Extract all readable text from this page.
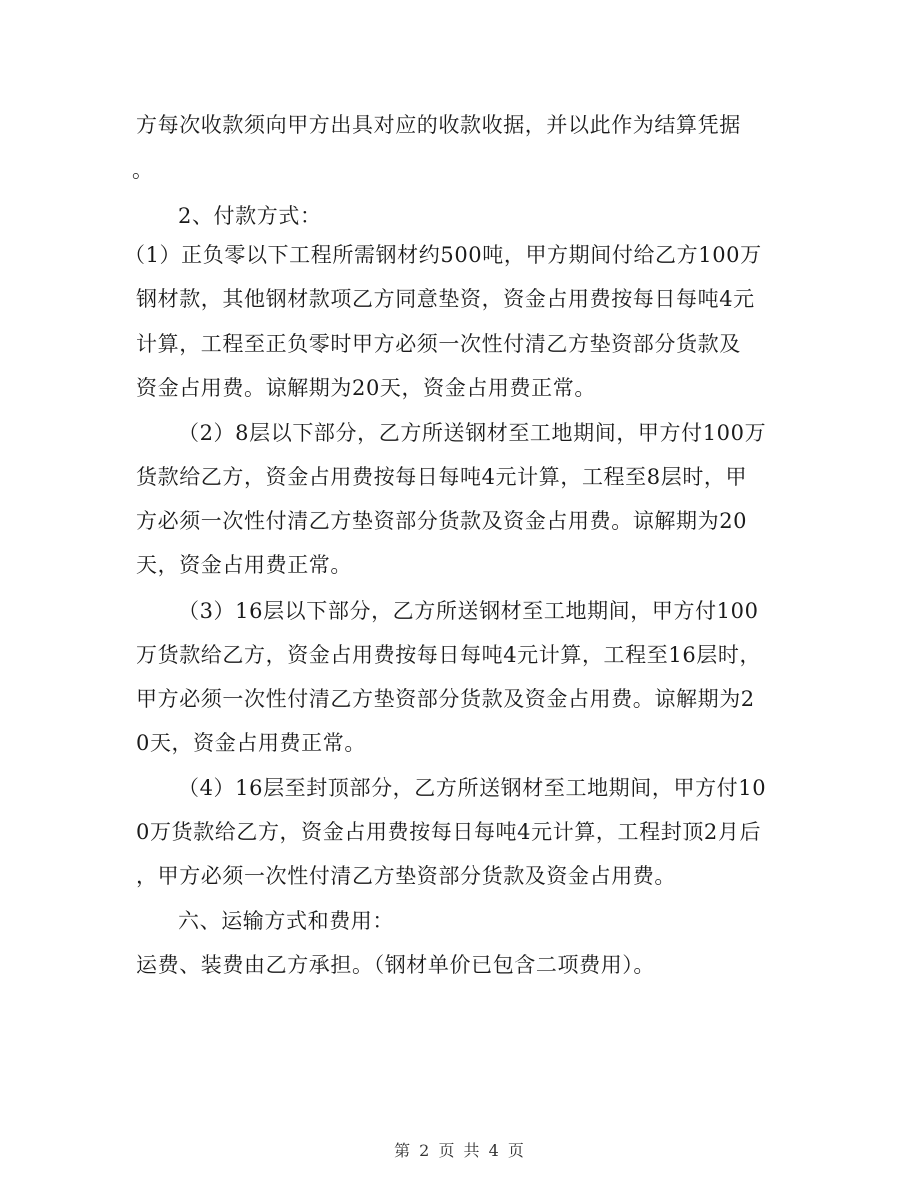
方每次收款须向甲方出具对应的收款收据，并以此作为结算凭据
。
2、付款方式：
（1）正负零以下工程所需钢材约500吨，甲方期间付给乙方100万
钢材款，其他钢材款项乙方同意垫资，资金占用费按每日每吨4元
计算，工程至正负零时甲方必须一次性付清乙方垫资部分货款及
资金占用费。谅解期为20天，资金占用费正常。
（2）8层以下部分，乙方所送钢材至工地期间，甲方付100万
货款给乙方，资金占用费按每日每吨4元计算，工程至8层时，甲
方必须一次性付清乙方垫资部分货款及资金占用费。谅解期为20
天，资金占用费正常。
（3）16层以下部分，乙方所送钢材至工地期间，甲方付100
万货款给乙方，资金占用费按每日每吨4元计算，工程至16层时，
甲方必须一次性付清乙方垫资部分货款及资金占用费。谅解期为2
0天，资金占用费正常。
（4）16层至封顶部分，乙方所送钢材至工地期间，甲方付10
0万货款给乙方，资金占用费按每日每吨4元计算，工程封顶2月后
，甲方必须一次性付清乙方垫资部分货款及资金占用费。
六、运输方式和费用：
运费、装费由乙方承担。（钢材单价已包含二项费用）。
第 2 页 共 4 页
